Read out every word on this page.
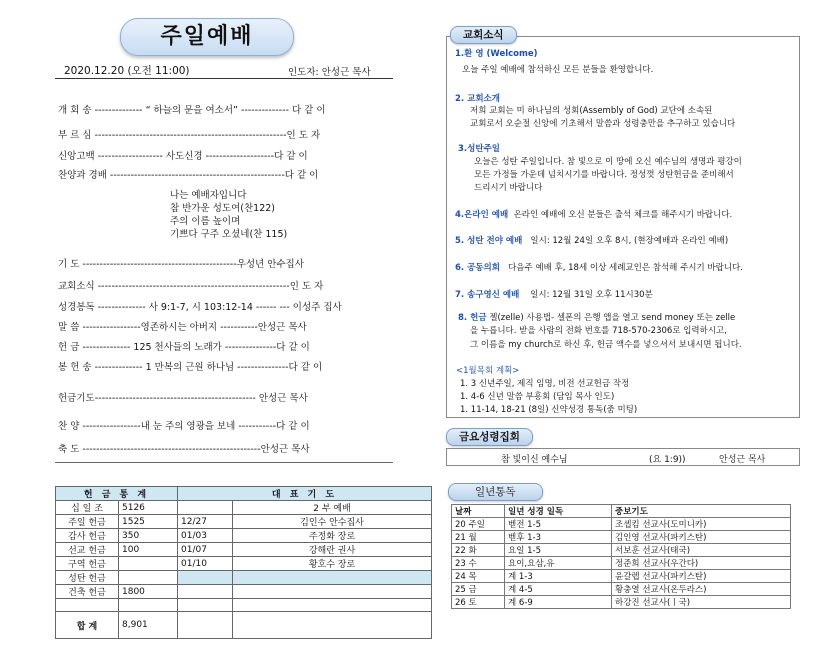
주일예배
2020.12.20 (오전 11:00)	인도자: 안성근 목사
개 회 송 -------------- “ 하늘의 문을 여소서” -------------- 다 같 이
부 르 심 --------------------------------------------------------인 도 자
신앙고백 ------------------- 사도신경 --------------------다 같 이
찬양과 경배 ---------------------------------------------------다 같 이
나는 예배자입니다
참 반가운 성도여(찬122)
주의 이름 높이며
기쁘다 구주 오셨네(찬 115)
기 도 ---------------------------------------------우성년 안수집사
교회소식 --------------------------------------------------------인 도 자
성경봉독 -------------- 사 9:1-7, 시 103:12-14 ------ --- 이성주 집사
말 씀 -----------------영존하시는 아버지 -----------안성근 목사
헌 금 -------------- 125 천사들의 노래가 ---------------다 같 이
봉 헌 송 -------------- 1 만복의 근원 하나님 ---------------다 같 이
헌금기도----------------------------------------------- 안성근 목사
찬 양 -----------------내 눈 주의 영광을 보네 -----------다 같 이
축 도 ----------------------------------------------------안성근 목사
헌 금 통 계		대 표 기 도	
십 일 조	5126		2 부 예배
주일 헌금	1525	12/27	김인수 안수집사
감사 헌금	350	01/03	주정화 장로
선교 헌금	100	01/07	강해란 권사
구역 헌금		01/10	황호수 장로
성탄 헌금			
건축 헌금	1800		

합 계	8,901		
교회소식
1.환 영 (Welcome)
오늘 주일 예배에 참석하신 모든 분들을 환영합니다.
2. 교회소개
저희 교회는 미 하나님의 성회(Assembly of God) 교단에 소속된
교회로서 오순절 신앙에 기초해서 말씀과 성령충만을 추구하고 있습니다
3.성탄주일
오늘은 성탄 주일입니다. 참 빛으로 이 땅에 오신 예수님의 생명과 평강이
모든 가정들 가운데 넘치시기를 바랍니다. 정성껏 성탄헌금을 준비해서
드리시기 바랍니다
4.온라인 예배 온라인 예배에 오신 분들은 출석 체크를 해주시기 바랍니다.
5. 성탄 전야 예배 일시: 12월 24일 오후 8시, (현장예배과 온라인 예배)
6. 공동의회 다음주 예배 후, 18세 이상 세례교인은 참석해 주시기 바랍니다.
7. 송구영신 예배 일시: 12월 31일 오후 11시30분
8. 헌금 젤(zelle) 사용법- 셀폰의 은행 앱을 열고 send money 또는 zelle
을 누릅니다. 받을 사람의 전화 번호를 718-570-2306로 입력하시고,
그 이름을 my church로 하신 후, 헌금 액수를 넣으셔서 보내시면 됩니다.
<1월목회 계획>
1. 3 신년주일, 제직 임명, 비전 선교헌금 작정
1. 4-6 신년 말씀 부흥회 (담임 목사 인도)
1. 11-14, 18-21 (8일) 신약성경 통독(줌 미팅)
금요성령집회
참 빛이신 예수님	(요 1:9))	안성근 목사
일년통독
날짜	일년 성경 일독	중보기도
20 주일	벧전 1-5	조셉킴 선교사(도미니카)
21 월	벧후 1-3	김인영 선교사(파키스탄)
22 화	요일 1-5	서보훈 선교사(태국)
23 수	요이,요삼,유	정준희 선교사(우간다)
24 목	계 1-3	윤갈렙 선교사(파키스탄)
25 금	계 4-5	황충열 선교사(온두라스)
26 토	계 6-9	하강진 선교사(ㅣ국)
